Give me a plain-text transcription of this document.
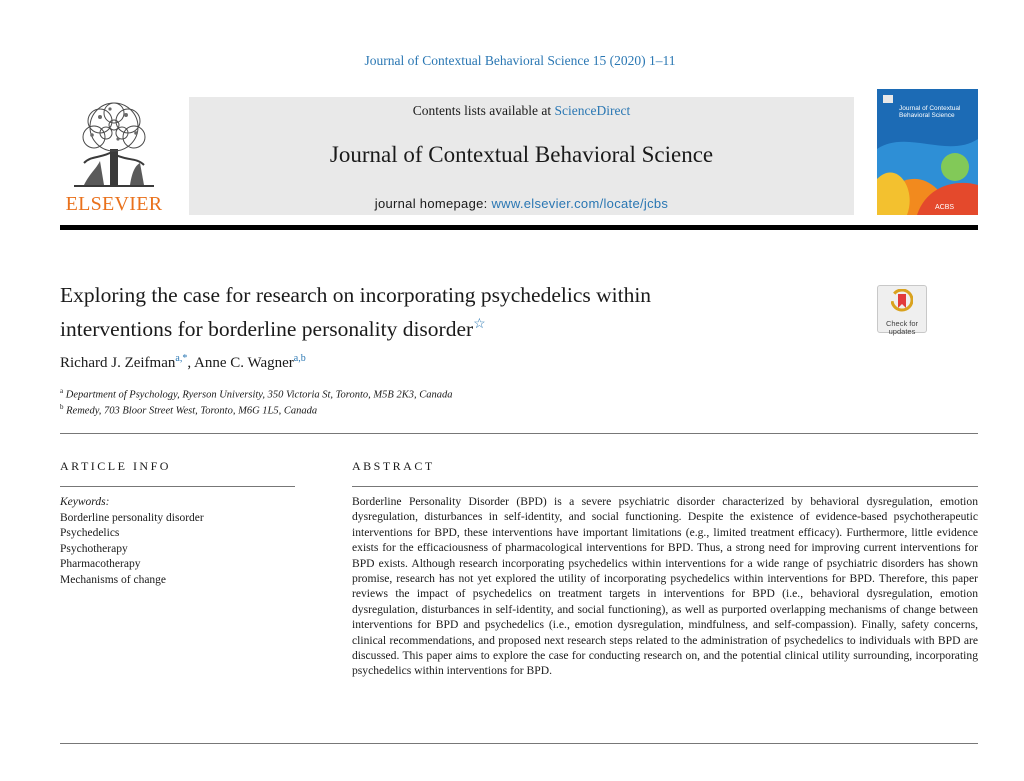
Journal of Contextual Behavioral Science 15 (2020) 1–11
ELSEVIER
Contents lists available at ScienceDirect
Journal of Contextual Behavioral Science
journal homepage: www.elsevier.com/locate/jcbs	ACBS
Journal of Contextual
Behavioral Science
Exploring the case for research on incorporating psychedelics within
interventions for borderline personality disorder☆	Check for
updates
Richard J. Zeifman$^{a,*}$, Anne C. Wagner$^{a,b}$
$^a$ Department of Psychology, Ryerson University, 350 Victoria St, Toronto, M5B 2K3, Canada
$^b$ Remedy, 703 Bloor Street West, Toronto, M6G 1L5, Canada
ARTICLE INFO	ABSTRACT
Keywords:
Borderline personality disorder
Psychedelics
Psychotherapy
Pharmacotherapy
Mechanisms of change
Borderline Personality Disorder (BPD) is a severe psychiatric disorder characterized by behavioral dysregulation, emotion dysregulation, disturbances in self-identity, and social functioning. Despite the existence of evidence-based psychotherapeutic interventions for BPD, these interventions have important limitations (e.g., limited treatment efficacy). Furthermore, little evidence exists for the efficaciousness of pharmacological interventions for BPD. Thus, a strong need for improving current interventions for BPD exists. Although research incorporating psychedelics within interventions for a wide range of psychiatric disorders has shown promise, research has not yet explored the utility of incorporating psychedelics within interventions for BPD. Therefore, this paper reviews the impact of psychedelics on treatment targets in interventions for BPD (i.e., behavioral dysregulation, emotion dysregulation, disturbances in self-identity, and social functioning), as well as purported overlapping mechanisms of change between interventions for BPD and psychedelics (i.e., emotion dysregulation, mindfulness, and self-compassion). Finally, safety concerns, clinical recommendations, and proposed next research steps related to the administration of psychedelics to individuals with BPD are discussed. This paper aims to explore the case for conducting research on, and the potential clinical utility surrounding, incorporating psychedelics within interventions for BPD.
